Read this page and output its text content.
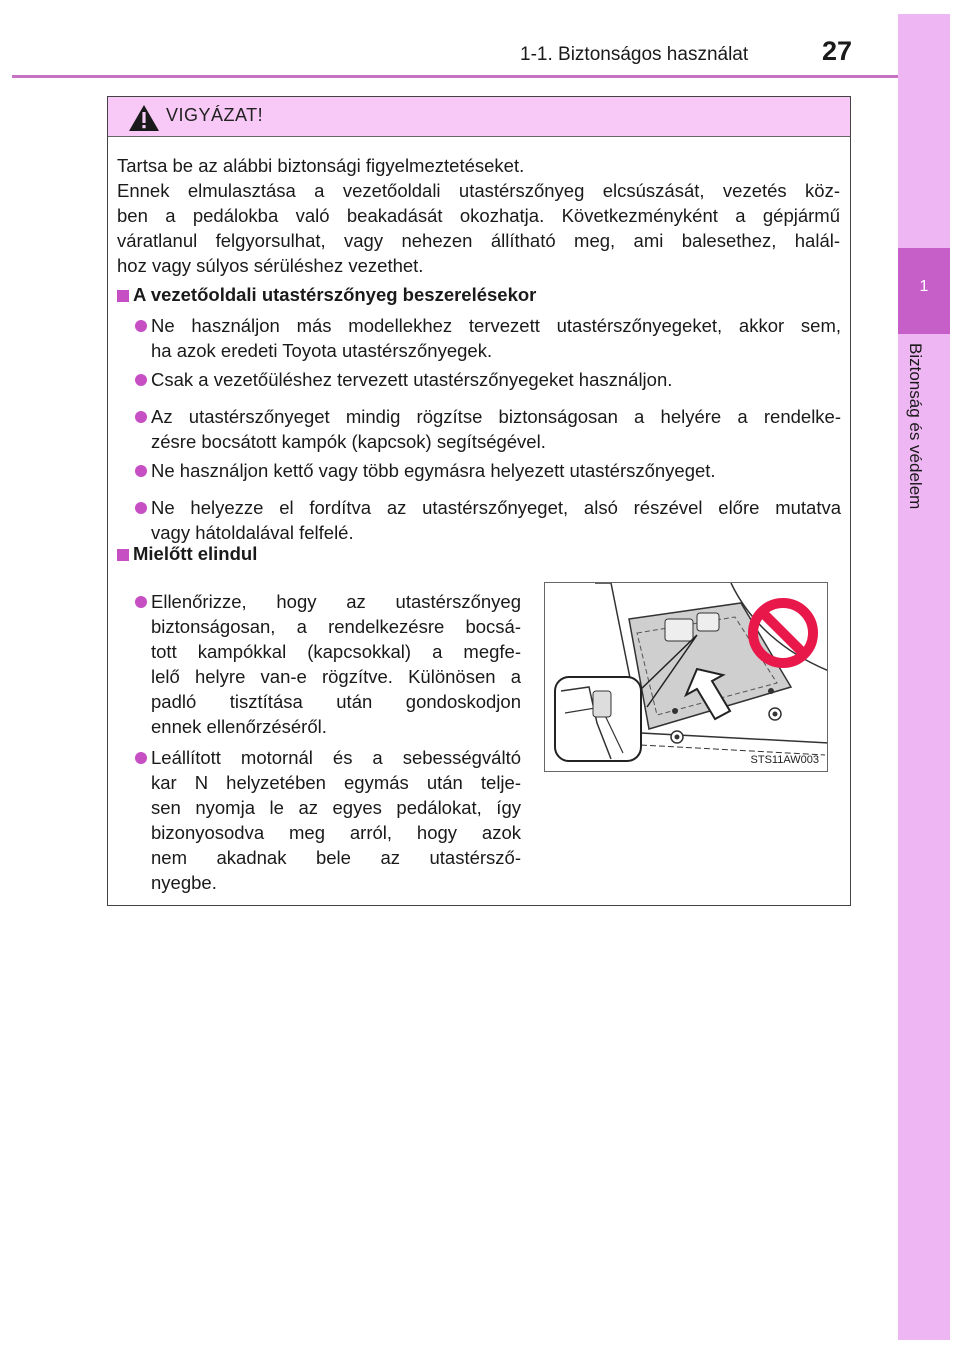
1-1. Biztonságos használat	27
1
Biztonság és védelem
VIGYÁZAT!
Tartsa be az alábbi biztonsági figyelmeztetéseket.
Ennek elmulasztása a vezetőoldali utastérszőnyeg elcsúszását, vezetés köz-
ben a pedálokba való beakadását okozhatja. Következményként a gépjármű
váratlanul felgyorsulhat, vagy nehezen állítható meg, ami balesethez, halál-
hoz vagy súlyos sérüléshez vezethet.
A vezetőoldali utastérszőnyeg beszerelésekor
Ne használjon más modellekhez tervezett utastérszőnyegeket, akkor sem,
ha azok eredeti Toyota utastérszőnyegek.
Csak a vezetőüléshez tervezett utastérszőnyegeket használjon.
Az utastérszőnyeget mindig rögzítse biztonságosan a helyére a rendelke-
zésre bocsátott kampók (kapcsok) segítségével.
Ne használjon kettő vagy több egymásra helyezett utastérszőnyeget.
Ne helyezze el fordítva az utastérszőnyeget, alsó részével előre mutatva
vagy hátoldalával felfelé.
Mielőtt elindul
Ellenőrizze, hogy az utastérszőnyeg
biztonságosan, a rendelkezésre bocsá-
tott kampókkal (kapcsokkal) a megfe-
lelő helyre van-e rögzítve. Különösen a
padló tisztítása után gondoskodjon
ennek ellenőrzéséről.
Leállított motornál és a sebességváltó
kar N helyzetében egymás után telje-
sen nyomja le az egyes pedálokat, így
bizonyosodva meg arról, hogy azok
nem akadnak bele az utastérsző-
nyegbe.
STS11AW003
